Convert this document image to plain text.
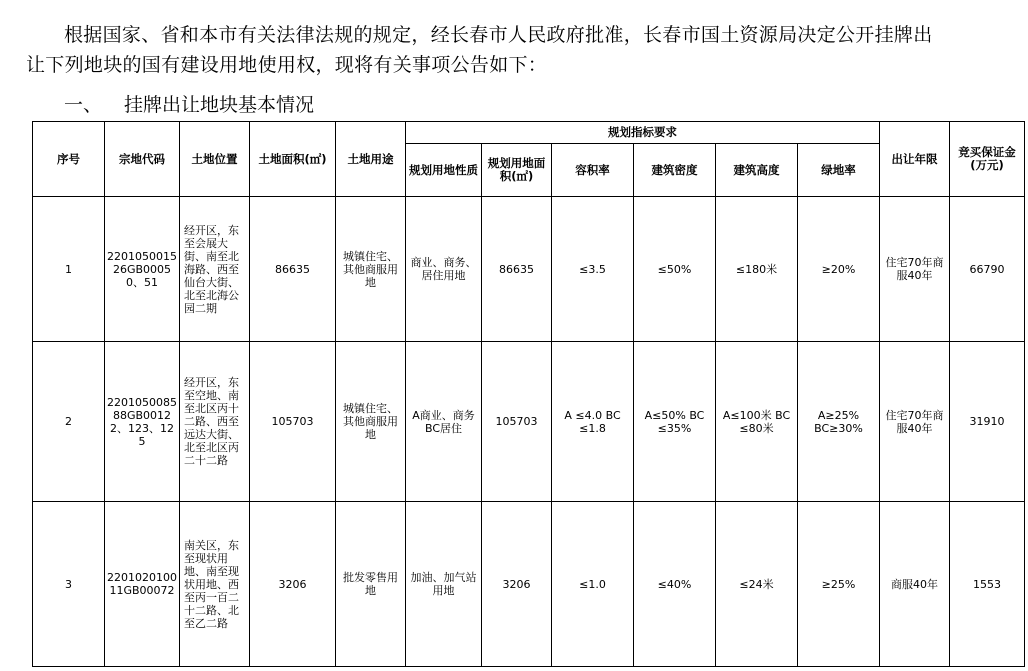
根据国家、省和本市有关法律法规的规定，经长春市人民政府批准，长春市国土资源局决定公开挂牌出
让下列地块的国有建设用地使用权，现将有关事项公告如下：
一、 挂牌出让地块基本情况
序号	宗地代码	土地位置	土地面积(㎡)	土地用途	规划指标要求						出让年限	竞买保证金(万元)
					规划用地性质	规划用地面积(㎡)	容积率	建筑密度	建筑高度	绿地率		
1	220105001526GB00050、51	经开区，东至会展大街、南至北海路、西至仙台大街、北至北海公园二期	86635	城镇住宅、其他商服用地	商业、商务、居住用地	86635	≤3.5	≤50%	≤180米	≥20%	住宅70年商服40年	66790
2	220105008588GB00122、123、125	经开区，东至空地、南至北区丙十二路、西至远达大街、北至北区丙二十二路	105703	城镇住宅、其他商服用地	A商业、商务 BC居住	105703	A ≤4.0 BC ≤1.8	A≤50% BC ≤35%	A≤100米 BC ≤80米	A≥25% BC≥30%	住宅70年商服40年	31910
3	220102010011GB00072	南关区，东至现状用地、南至现状用地、西至丙一百二十二路、北至乙二路	3206	批发零售用地	加油、加气站用地	3206	≤1.0	≤40%	≤24米	≥25%	商服40年	1553
